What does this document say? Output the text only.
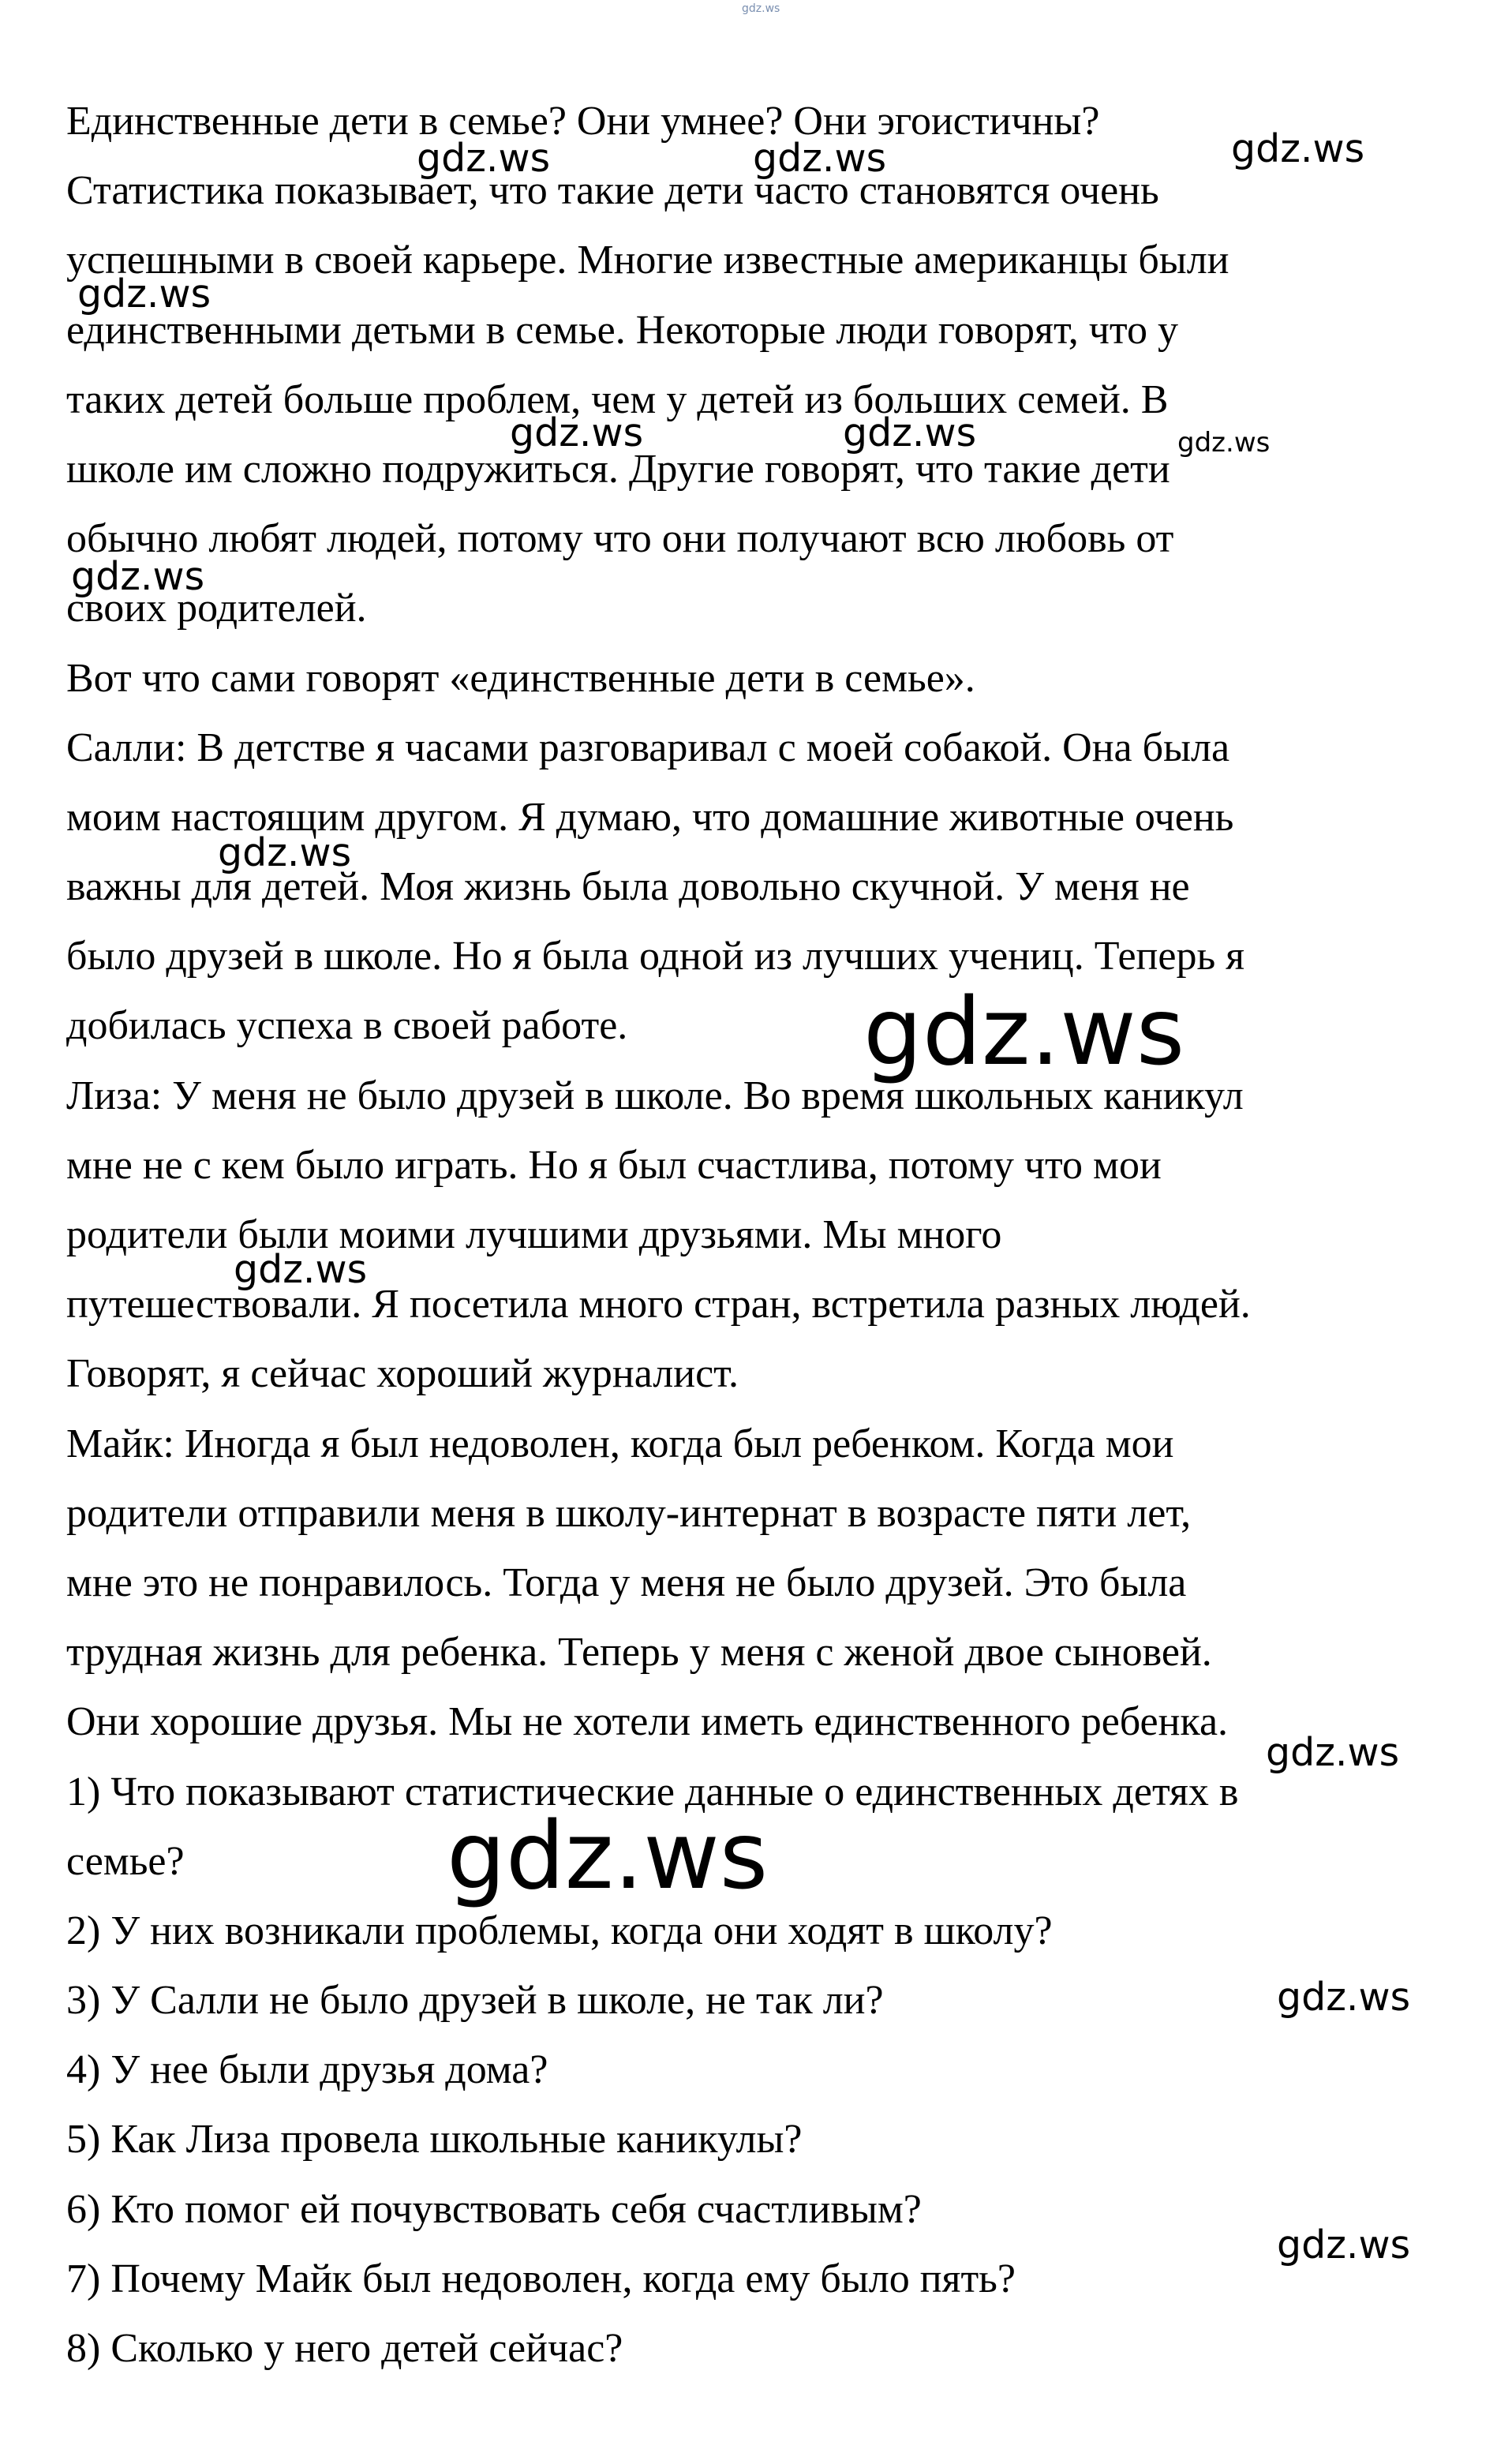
Единственные дети в семье? Они умнее? Они эгоистичны?
Статистика показывает, что такие дети часто становятся очень
успешными в своей карьере. Многие известные американцы были
единственными детьми в семье. Некоторые люди говорят, что у
таких детей больше проблем, чем у детей из больших семей. В
школе им сложно подружиться. Другие говорят, что такие дети
обычно любят людей, потому что они получают всю любовь от
своих родителей.
Вот что сами говорят «единственные дети в семье».
Салли: В детстве я часами разговаривал с моей собакой. Она была
моим настоящим другом. Я думаю, что домашние животные очень
важны для детей. Моя жизнь была довольно скучной. У меня не
было друзей в школе. Но я была одной из лучших учениц. Теперь я
добилась успеха в своей работе.
Лиза: У меня не было друзей в школе. Во время школьных каникул
мне не с кем было играть. Но я был счастлива, потому что мои
родители были моими лучшими друзьями. Мы много
путешествовали. Я посетила много стран, встретила разных людей.
Говорят, я сейчас хороший журналист.
Майк: Иногда я был недоволен, когда был ребенком. Когда мои
родители отправили меня в школу-интернат в возрасте пяти лет,
мне это не понравилось. Тогда у меня не было друзей. Это была
трудная жизнь для ребенка. Теперь у меня с женой двое сыновей.
Они хорошие друзья. Мы не хотели иметь единственного ребенка.
1) Что показывают статистические данные о единственных детях в
семье?
2) У них возникали проблемы, когда они ходят в школу?
3) У Салли не было друзей в школе, не так ли?
4) У нее были друзья дома?
5) Как Лиза провела школьные каникулы?
6) Кто помог ей почувствовать себя счастливым?
7) Почему Майк был недоволен, когда ему было пять?
8) Сколько у него детей сейчас?
gdz.ws
gdz.ws	gdz.ws	gdz.ws
gdz.ws
gdz.ws	gdz.ws	gdz.ws
gdz.ws
gdz.ws
gdz.ws
gdz.ws
gdz.ws
gdz.ws
gdz.ws
gdz.ws
